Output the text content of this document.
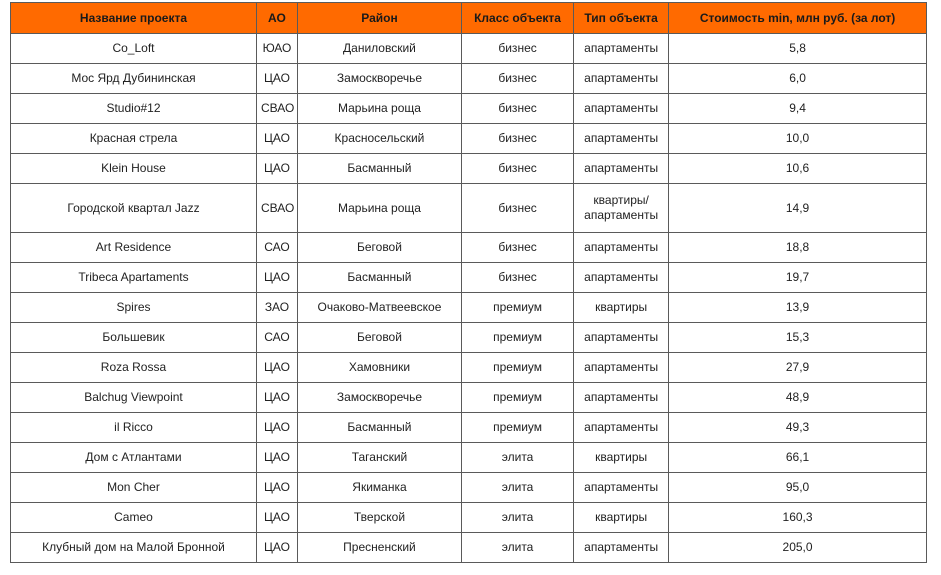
Название проекта	АО	Район	Класс объекта	Тип объекта	Стоимость min, млн руб. (за лот)
Co_Loft	ЮАО	Даниловский	бизнес	апартаменты	5,8
Мос Ярд Дубининская	ЦАО	Замоскворечье	бизнес	апартаменты	6,0
Studio#12	СВАО	Марьина роща	бизнес	апартаменты	9,4
Красная стрела	ЦАО	Красносельский	бизнес	апартаменты	10,0
Klein House	ЦАО	Басманный	бизнес	апартаменты	10,6
Городской квартал Jazz	СВАО	Марьина роща	бизнес	квартиры/ апартаменты	14,9
Art Residence	САО	Беговой	бизнес	апартаменты	18,8
Tribeca Apartaments	ЦАО	Басманный	бизнес	апартаменты	19,7
Spires	ЗАО	Очаково-Матвеевское	премиум	квартиры	13,9
Большевик	САО	Беговой	премиум	апартаменты	15,3
Roza Rossa	ЦАО	Хамовники	премиум	апартаменты	27,9
Balchug Viewpoint	ЦАО	Замоскворечье	премиум	апартаменты	48,9
il Ricco	ЦАО	Басманный	премиум	апартаменты	49,3
Дом с Атлантами	ЦАО	Таганский	элита	квартиры	66,1
Mon Cher	ЦАО	Якиманка	элита	апартаменты	95,0
Cameo	ЦАО	Тверской	элита	квартиры	160,3
Клубный дом на Малой Бронной	ЦАО	Пресненский	элита	апартаменты	205,0
